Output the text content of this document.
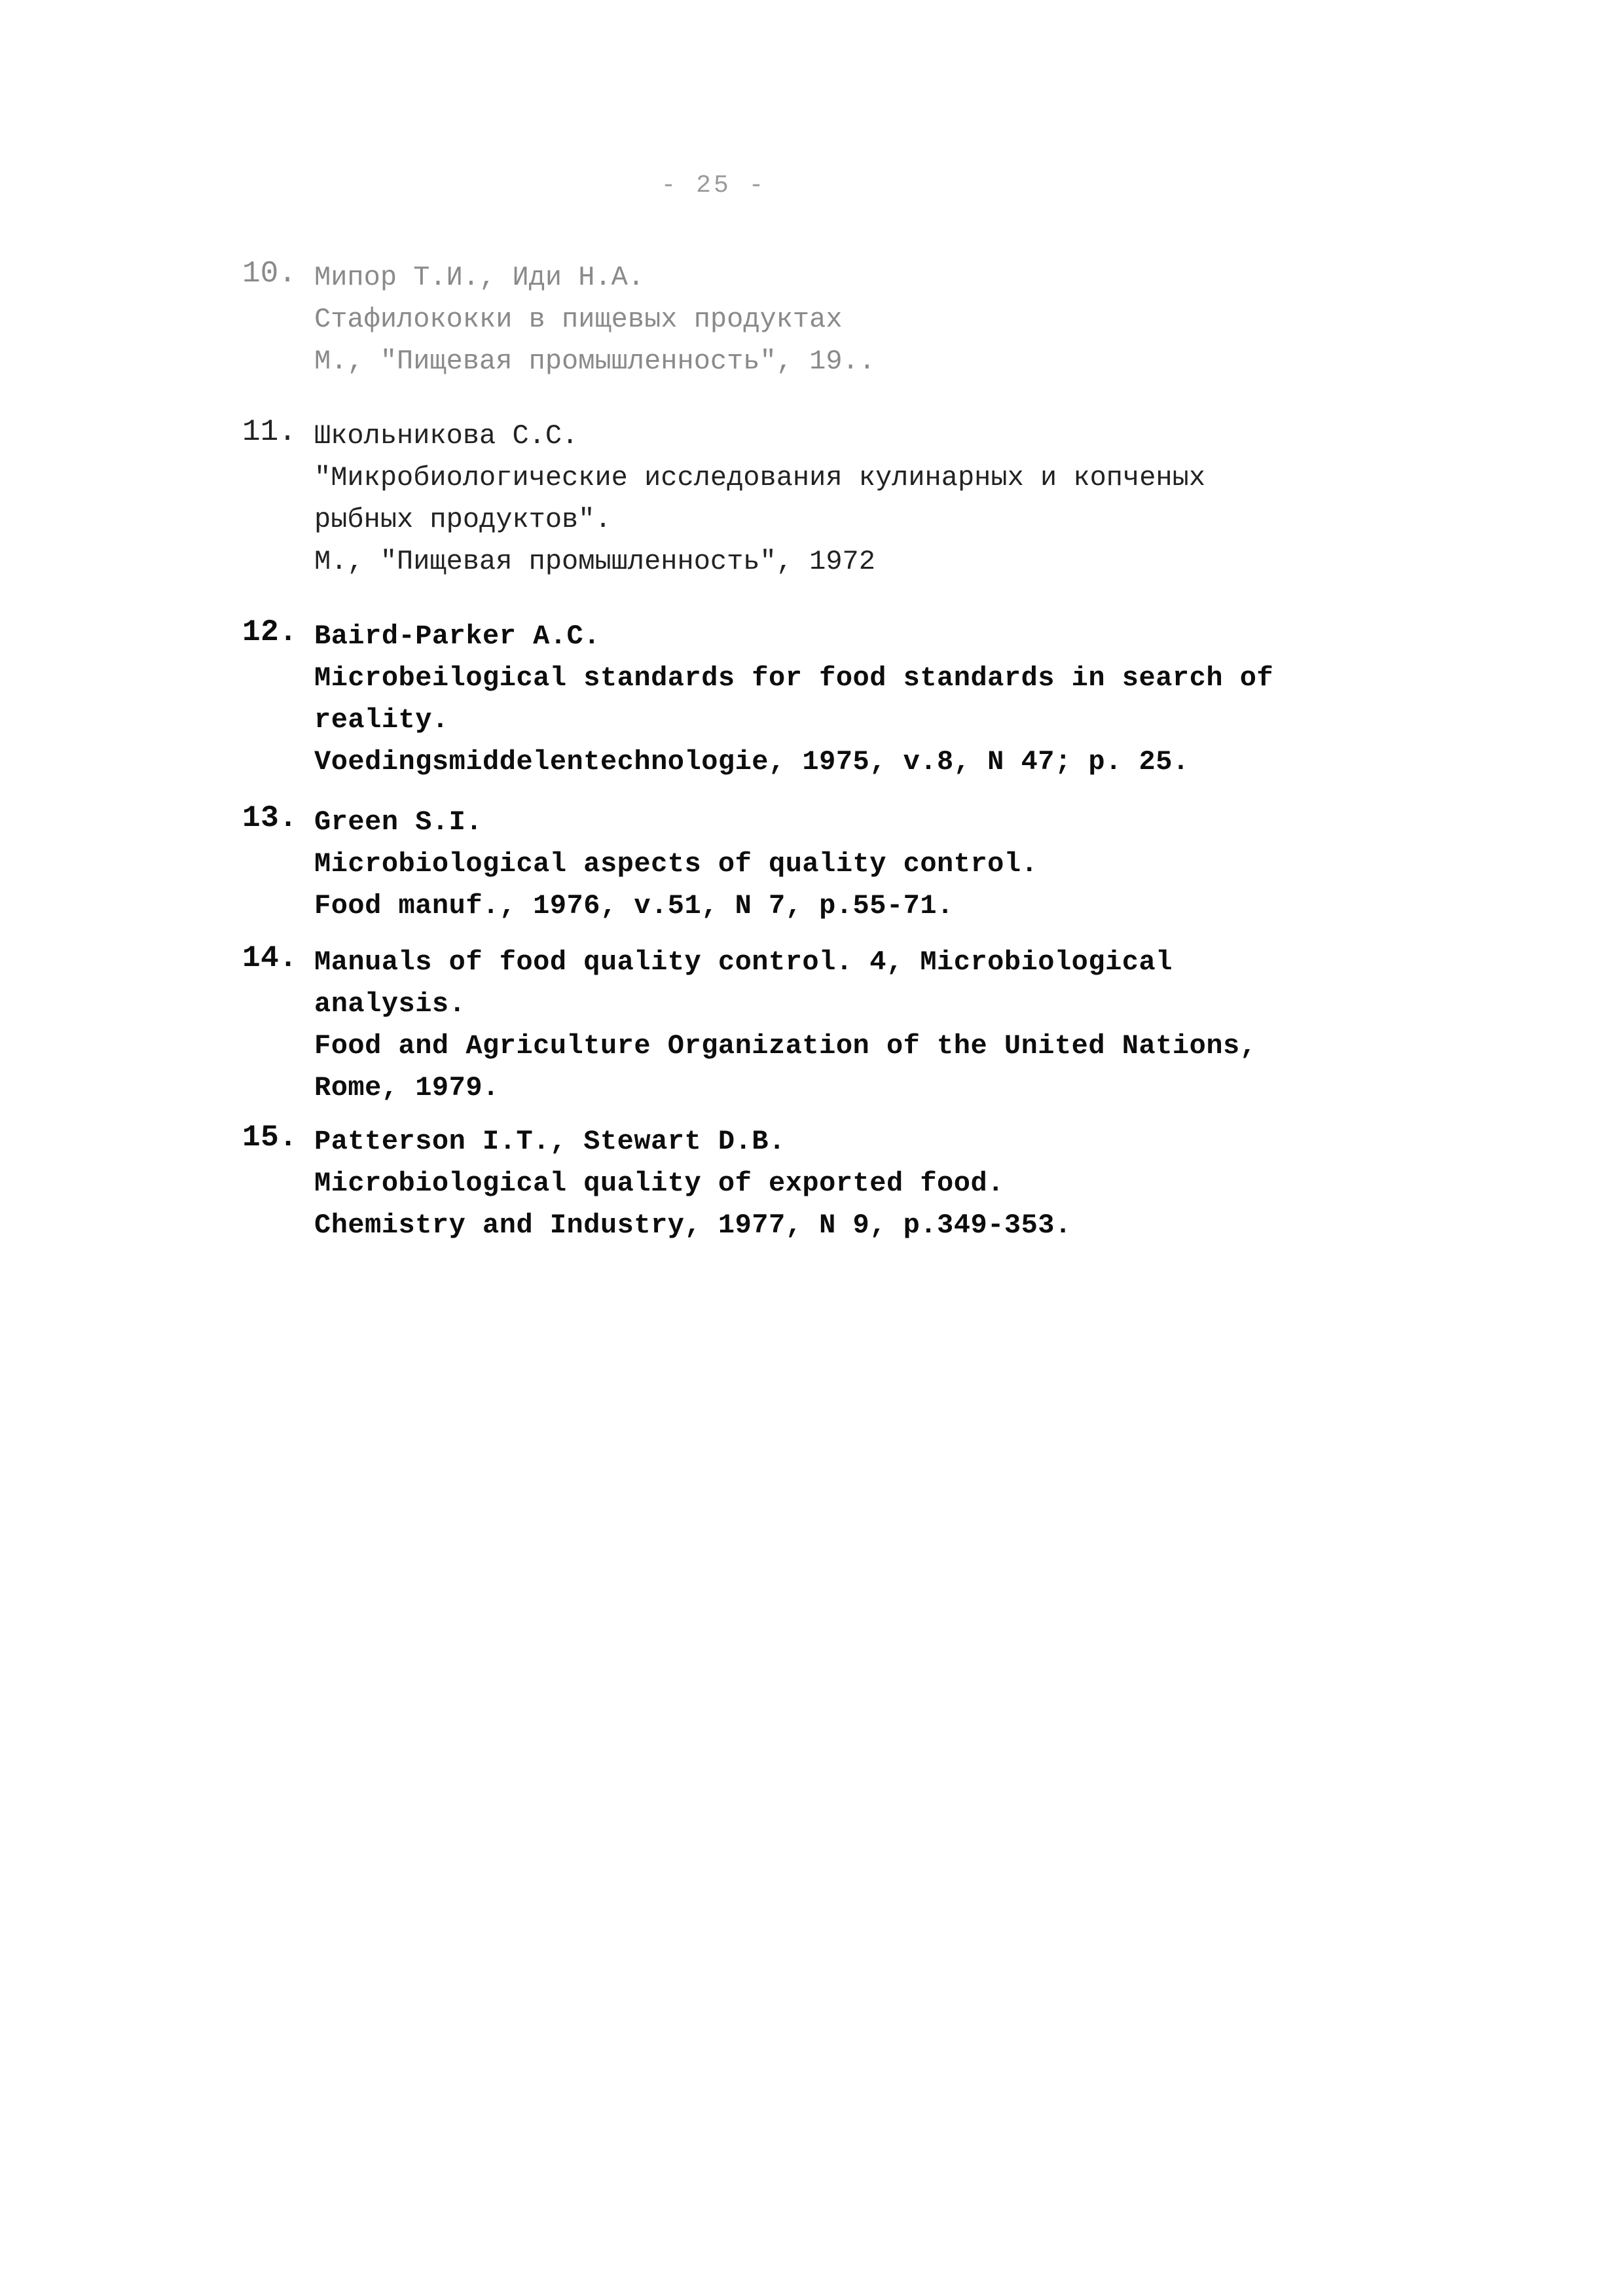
- 25 -
10. Мипор Т.И., Иди Н.А.
Стафилококки в пищевых продуктах
М., "Пищевая промышленность", 19..
11. Школьникова С.С.
"Микробиологические исследования кулинарных и копченых
рыбных продуктов".
М., "Пищевая промышленность", 1972
12. Baird-Parker A.C.
Microbeilogical standards for food standards in search of
reality.
Voedingsmiddelentechnologie, 1975, v.8, N 47; p. 25.
13. Green S.I.
Microbiological aspects of quality control.
Food manuf., 1976, v.51, N 7, p.55-71.
14. Manuals of food quality control. 4, Microbiological
analysis.
Food and Agriculture Organization of the United Nations,
Rome, 1979.
15. Patterson I.T., Stewart D.B.
Microbiological quality of exported food.
Chemistry and Industry, 1977, N 9, p.349-353.
